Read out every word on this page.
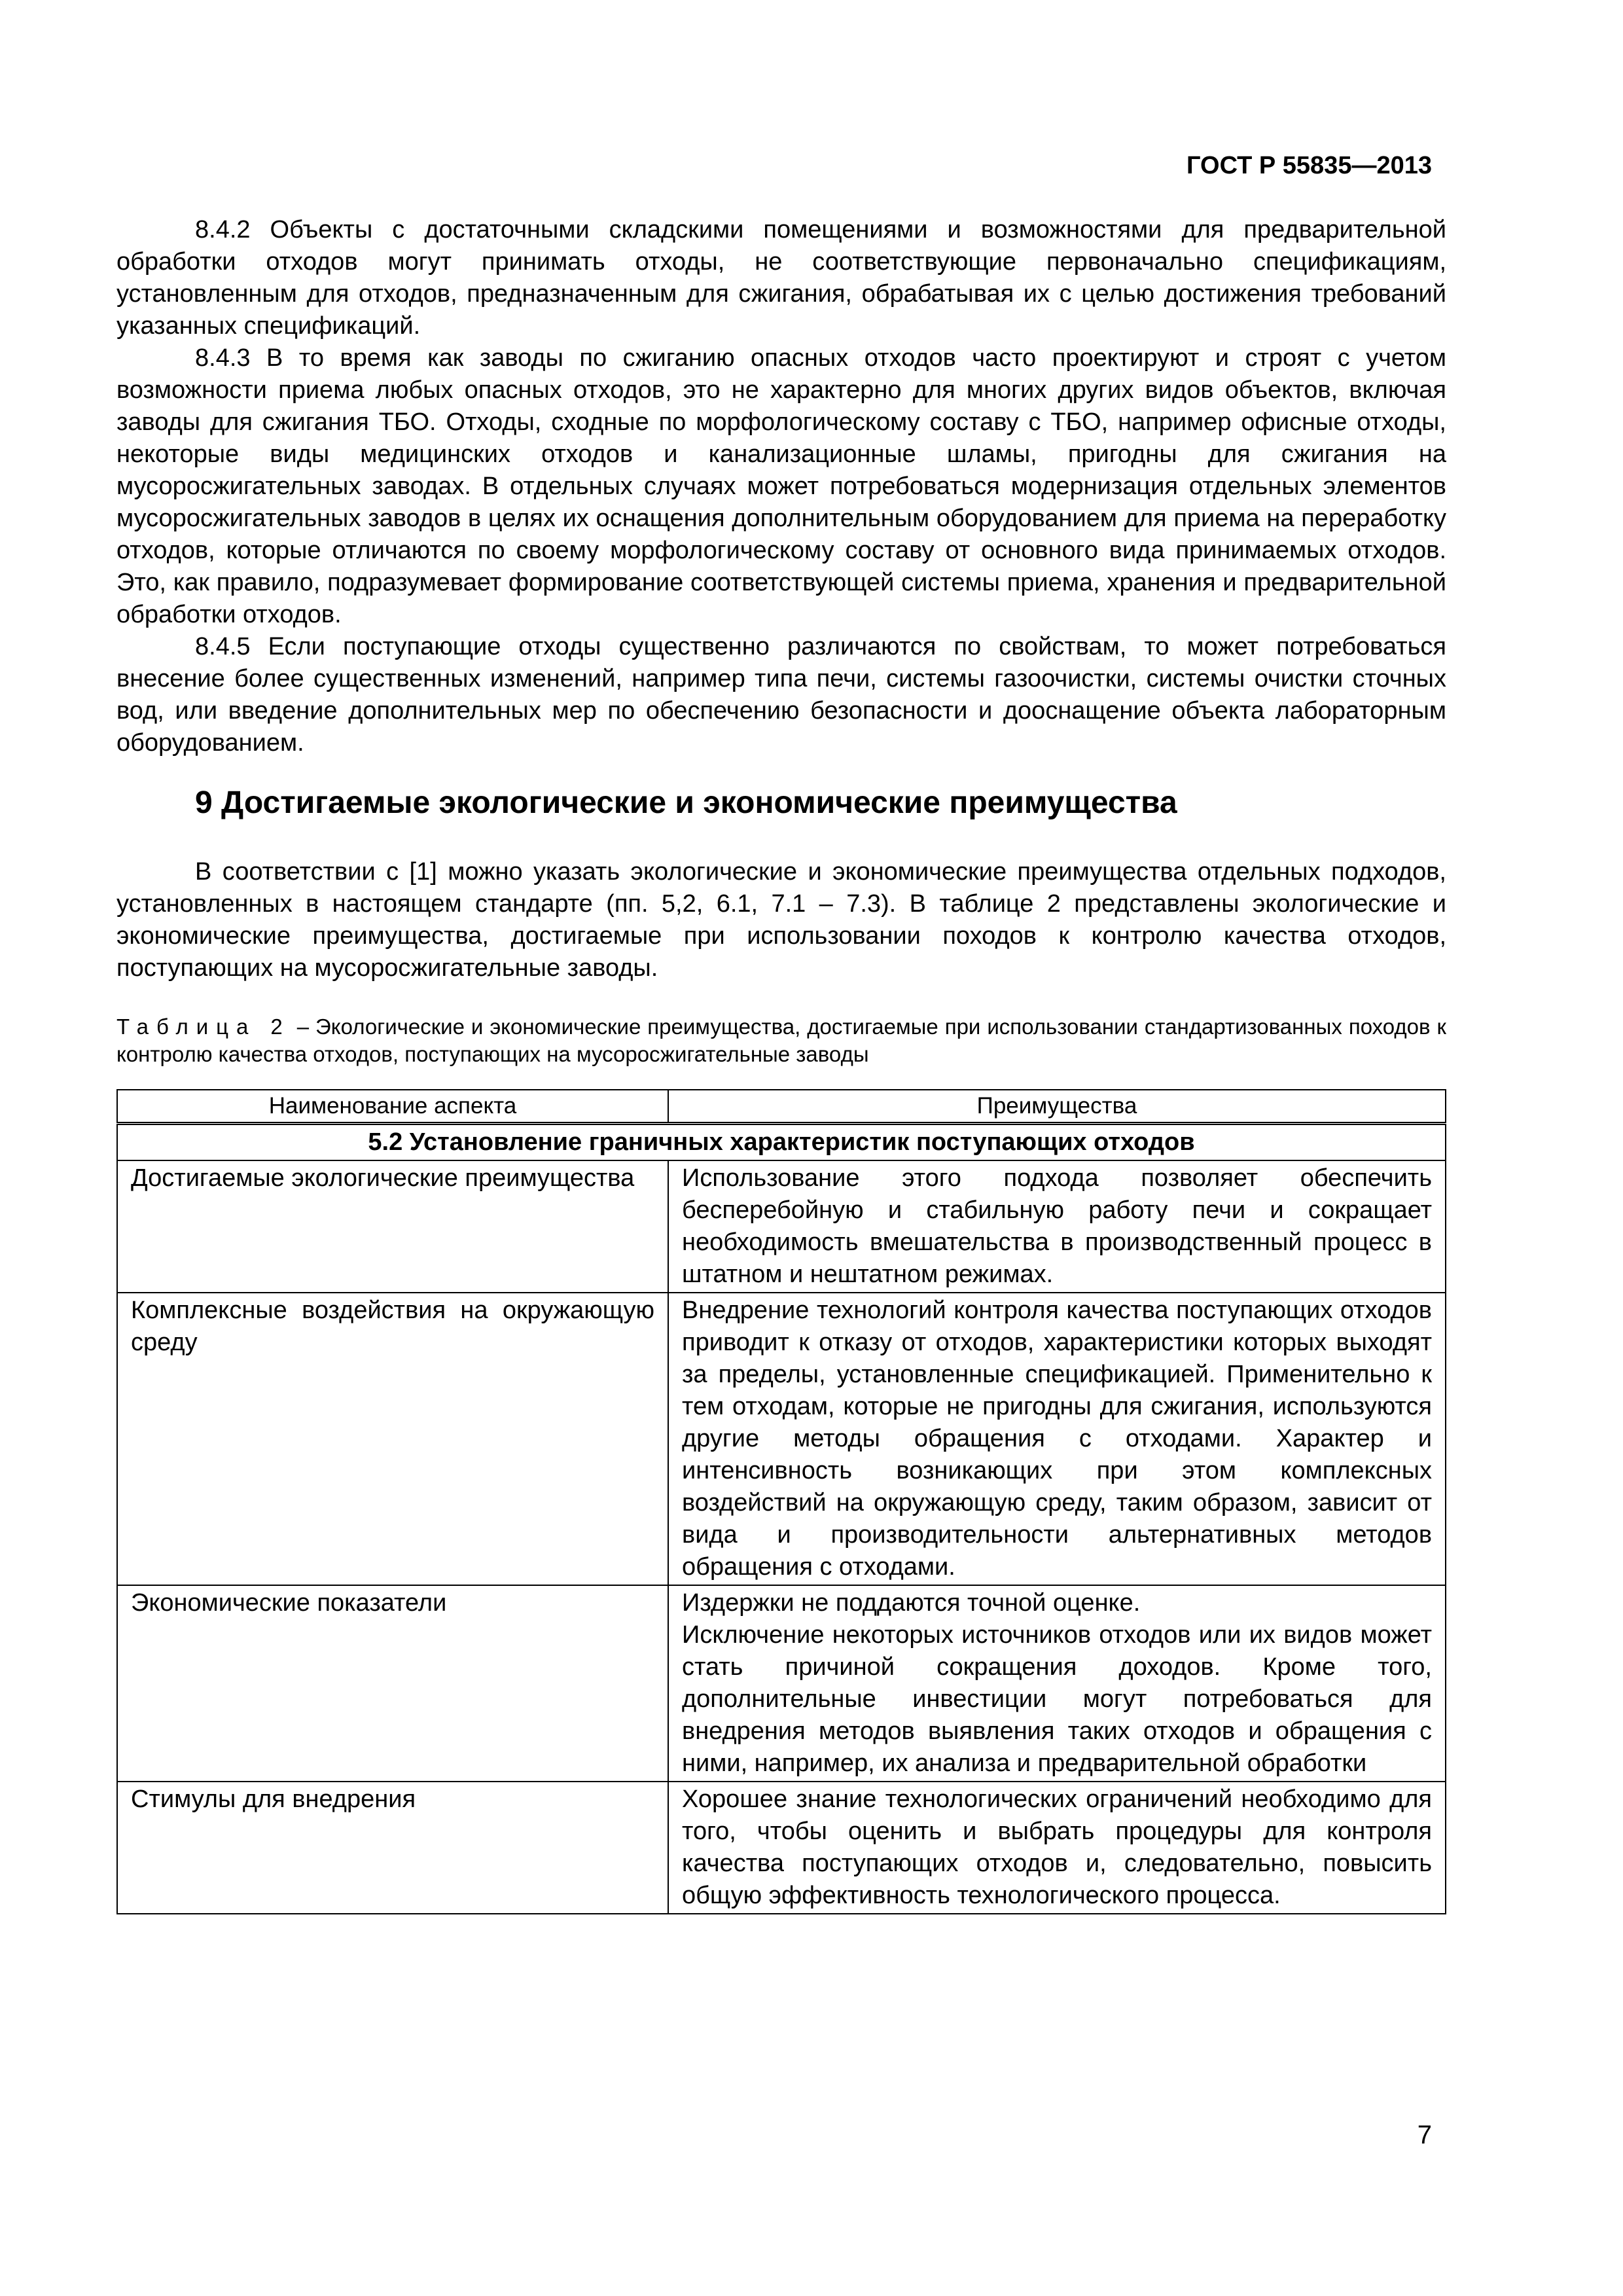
ГОСТ Р 55835—2013

8.4.2 Объекты с достаточными складскими помещениями и возможностями для предварительной обработки отходов могут принимать отходы, не соответствующие первоначально спецификациям, установленным для отходов, предназначенным для сжигания, обрабатывая их с целью достижения требований указанных спецификаций.

8.4.3 В то время как заводы по сжиганию опасных отходов часто проектируют и строят с учетом возможности приема любых опасных отходов, это не характерно для многих других видов объектов, включая заводы для сжигания ТБО. Отходы, сходные по морфологическому составу с ТБО, например офисные отходы, некоторые виды медицинских отходов и канализационные шламы, пригодны для сжигания на мусоросжигательных заводах. В отдельных случаях может потребоваться модернизация отдельных элементов мусоросжигательных заводов в целях их оснащения дополнительным оборудованием для приема на переработку отходов, которые отличаются по своему морфологическому составу от основного вида принимаемых отходов. Это, как правило, подразумевает формирование соответствующей системы приема, хранения и предварительной обработки отходов.

8.4.5 Если поступающие отходы существенно различаются по свойствам, то может потребоваться внесение более существенных изменений, например типа печи, системы газоочистки, системы очистки сточных вод, или введение дополнительных мер по обеспечению безопасности и дооснащение объекта лабораторным оборудованием.

9 Достигаемые экологические и экономические преимущества

В соответствии с [1] можно указать экологические и экономические преимущества отдельных подходов, установленных в настоящем стандарте (пп. 5,2, 6.1, 7.1 – 7.3). В таблице 2 представлены экологические и экономические преимущества, достигаемые при использовании походов к контролю качества отходов, поступающих на мусоросжигательные заводы.

Таблица 2 – Экологические и экономические преимущества, достигаемые при использовании стандартизованных походов к контролю качества отходов, поступающих на мусоросжигательные заводы

Наименование аспекта	Преимущества
5.2 Установление граничных характеристик поступающих отходов	
Достигаемые экологические преимущества	Использование этого подхода позволяет обеспечить бесперебойную и стабильную работу печи и сокращает необходимость вмешательства в производственный процесс в штатном и нештатном режимах.

Комплексные воздействия на окружающую среду	Внедрение технологий контроля качества поступающих отходов приводит к отказу от отходов, характеристики которых выходят за пределы, установленные спецификацией. Применительно к тем отходам, которые не пригодны для сжигания, используются другие методы обращения с отходами. Характер и интенсивность возникающих при этом комплексных воздействий на окружающую среду, таким образом, зависит от вида и производительности альтернативных методов обращения с отходами.

Экономические показатели	Издержки не поддаются точной оценке.
Исключение некоторых источников отходов или их видов может стать причиной сокращения доходов. Кроме того, дополнительные инвестиции могут потребоваться для внедрения методов выявления таких отходов и обращения с ними, например, их анализа и предварительной обработки

Стимулы для внедрения	Хорошее знание технологических ограничений необходимо для того, чтобы оценить и выбрать процедуры для контроля качества поступающих отходов и, следовательно, повысить общую эффективность технологического процесса.
7
